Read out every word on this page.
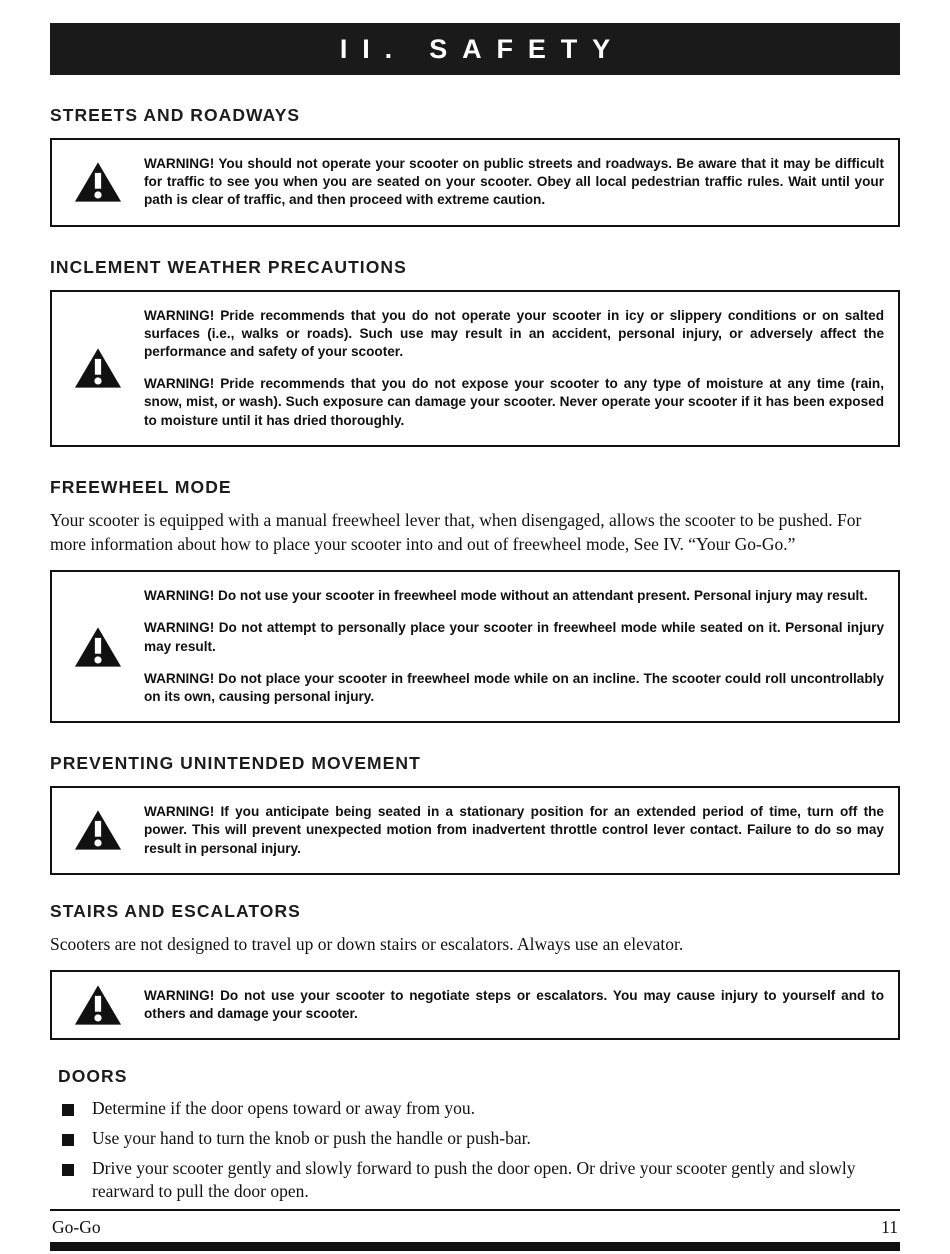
II. SAFETY
STREETS AND ROADWAYS

WARNING! You should not operate your scooter on public streets and roadways. Be aware that it may be difficult for traffic to see you when you are seated on your scooter. Obey all local pedestrian traffic rules. Wait until your path is clear of traffic, and then proceed with extreme caution.

INCLEMENT WEATHER PRECAUTIONS

WARNING! Pride recommends that you do not operate your scooter in icy or slippery conditions or on salted surfaces (i.e., walks or roads). Such use may result in an accident, personal injury, or adversely affect the performance and safety of your scooter.

WARNING! Pride recommends that you do not expose your scooter to any type of moisture at any time (rain, snow, mist, or wash). Such exposure can damage your scooter. Never operate your scooter if it has been exposed to moisture until it has dried thoroughly.

FREEWHEEL MODE

Your scooter is equipped with a manual freewheel lever that, when disengaged, allows the scooter to be pushed. For more information about how to place your scooter into and out of freewheel mode, See IV. “Your Go-Go.”

WARNING! Do not use your scooter in freewheel mode without an attendant present. Personal injury may result.

WARNING! Do not attempt to personally place your scooter in freewheel mode while seated on it. Personal injury may result.

WARNING! Do not place your scooter in freewheel mode while on an incline. The scooter could roll uncontrollably on its own, causing personal injury.

PREVENTING UNINTENDED MOVEMENT

WARNING! If you anticipate being seated in a stationary position for an extended period of time, turn off the power. This will prevent unexpected motion from inadvertent throttle control lever contact. Failure to do so may result in personal injury.

STAIRS AND ESCALATORS

Scooters are not designed to travel up or down stairs or escalators. Always use an elevator.

WARNING! Do not use your scooter to negotiate steps or escalators. You may cause injury to yourself and to others and damage your scooter.

DOORS

Determine if the door opens toward or away from you.

Use your hand to turn the knob or push the handle or push-bar.

Drive your scooter gently and slowly forward to push the door open. Or drive your scooter gently and slowly rearward to pull the door open.

Go-Go	11
